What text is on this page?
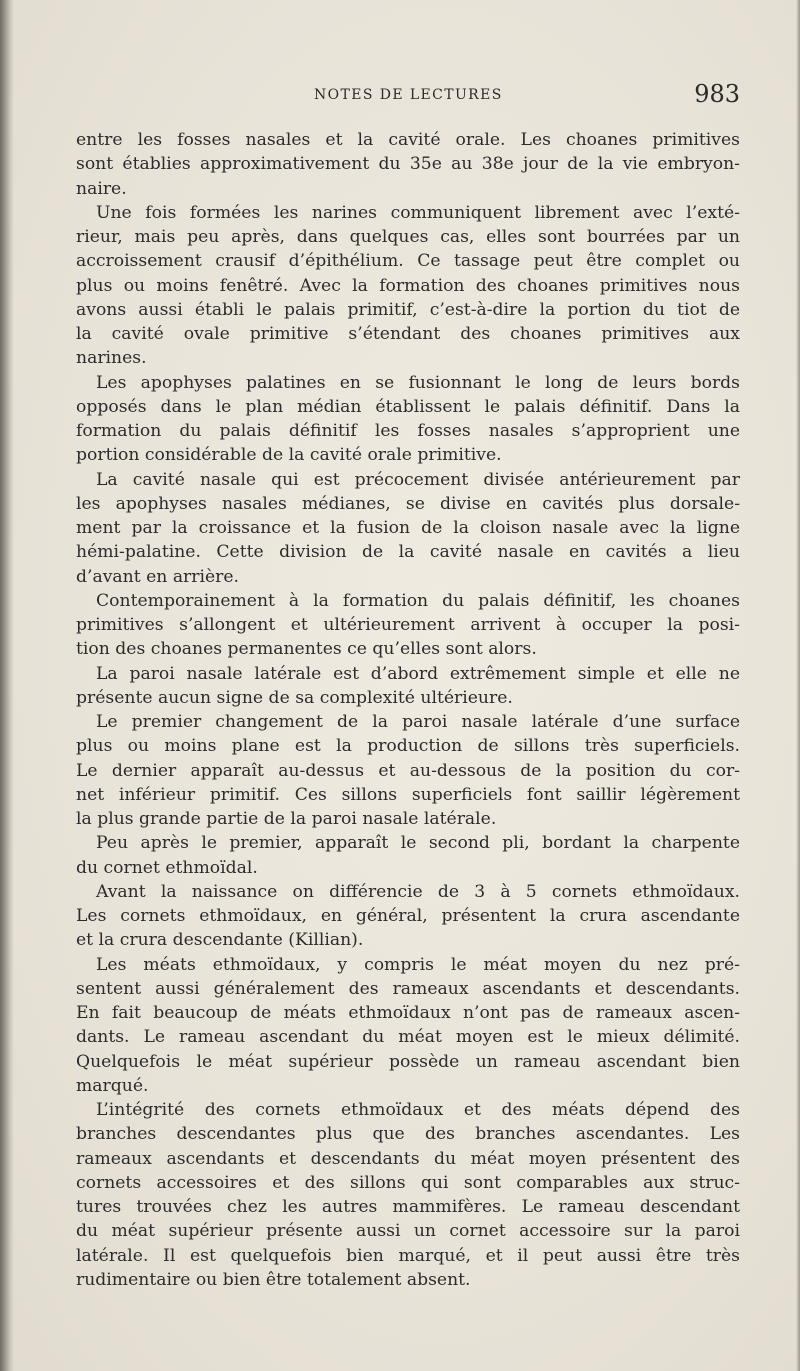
NOTES DE LECTURES	983
entre les fosses nasales et la cavité orale. Les choanes primitives
sont établies approximativement du 35e au 38e jour de la vie embryon-
naire.
Une fois formées les narines communiquent librement avec l’exté-
rieur, mais peu après, dans quelques cas, elles sont bourrées par un
accroissement crausif d’épithélium. Ce tassage peut être complet ou
plus ou moins fenêtré. Avec la formation des choanes primitives nous
avons aussi établi le palais primitif, c’est-à-dire la portion du tiot de
la cavité ovale primitive s’étendant des choanes primitives aux
narines.
Les apophyses palatines en se fusionnant le long de leurs bords
opposés dans le plan médian établissent le palais définitif. Dans la
formation du palais définitif les fosses nasales s’approprient une
portion considérable de la cavité orale primitive.
La cavité nasale qui est précocement divisée antérieurement par
les apophyses nasales médianes, se divise en cavités plus dorsale-
ment par la croissance et la fusion de la cloison nasale avec la ligne
hémi-palatine. Cette division de la cavité nasale en cavités a lieu
d’avant en arrière.
Contemporainement à la formation du palais définitif, les choanes
primitives s’allongent et ultérieurement arrivent à occuper la posi-
tion des choanes permanentes ce qu’elles sont alors.
La paroi nasale latérale est d’abord extrêmement simple et elle ne
présente aucun signe de sa complexité ultérieure.
Le premier changement de la paroi nasale latérale d’une surface
plus ou moins plane est la production de sillons très superficiels.
Le dernier apparaît au-dessus et au-dessous de la position du cor-
net inférieur primitif. Ces sillons superficiels font saillir légèrement
la plus grande partie de la paroi nasale latérale.
Peu après le premier, apparaît le second pli, bordant la charpente
du cornet ethmoïdal.
Avant la naissance on différencie de 3 à 5 cornets ethmoïdaux.
Les cornets ethmoïdaux, en général, présentent la crura ascendante
et la crura descendante (Killian).
Les méats ethmoïdaux, y compris le méat moyen du nez pré-
sentent aussi généralement des rameaux ascendants et descendants.
En fait beaucoup de méats ethmoïdaux n’ont pas de rameaux ascen-
dants. Le rameau ascendant du méat moyen est le mieux délimité.
Quelquefois le méat supérieur possède un rameau ascendant bien
marqué.
L’intégrité des cornets ethmoïdaux et des méats dépend des
branches descendantes plus que des branches ascendantes. Les
rameaux ascendants et descendants du méat moyen présentent des
cornets accessoires et des sillons qui sont comparables aux struc-
tures trouvées chez les autres mammifères. Le rameau descendant
du méat supérieur présente aussi un cornet accessoire sur la paroi
latérale. Il est quelquefois bien marqué, et il peut aussi être très
rudimentaire ou bien être totalement absent.
